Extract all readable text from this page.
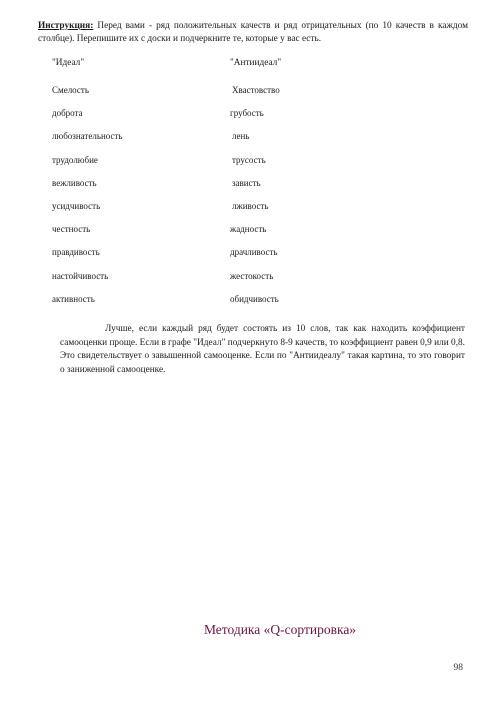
Инструкция: Перед вами - ряд положительных качеств и ряд отрицательных (по 10 качеств в каждом столбце). Перепишите их с доски и подчеркните те, которые у вас есть.

"Идеал"
Смелость
доброта
любознательность
трудолюбие
вежливость
усидчивость
честность
правдивость
настойчивость
активность
"Антиидеал"
Хвастовство
грубость
лень
трусость
зависть
лживость
жадность
драчливость
жестокость
обидчивость

Лучше, если каждый ряд будет состоять из 10 слов, так как находить коэффициент самооценки проще. Если в графе "Идеал" подчеркнуто 8-9 качеств, то коэффициент равен 0,9 или 0,8. Это свидетельствует о завышенной самооценке. Если по "Антиидеалу" такая картина, то это говорит о заниженной самооценке.

Методика «Q-сортировка»
98
